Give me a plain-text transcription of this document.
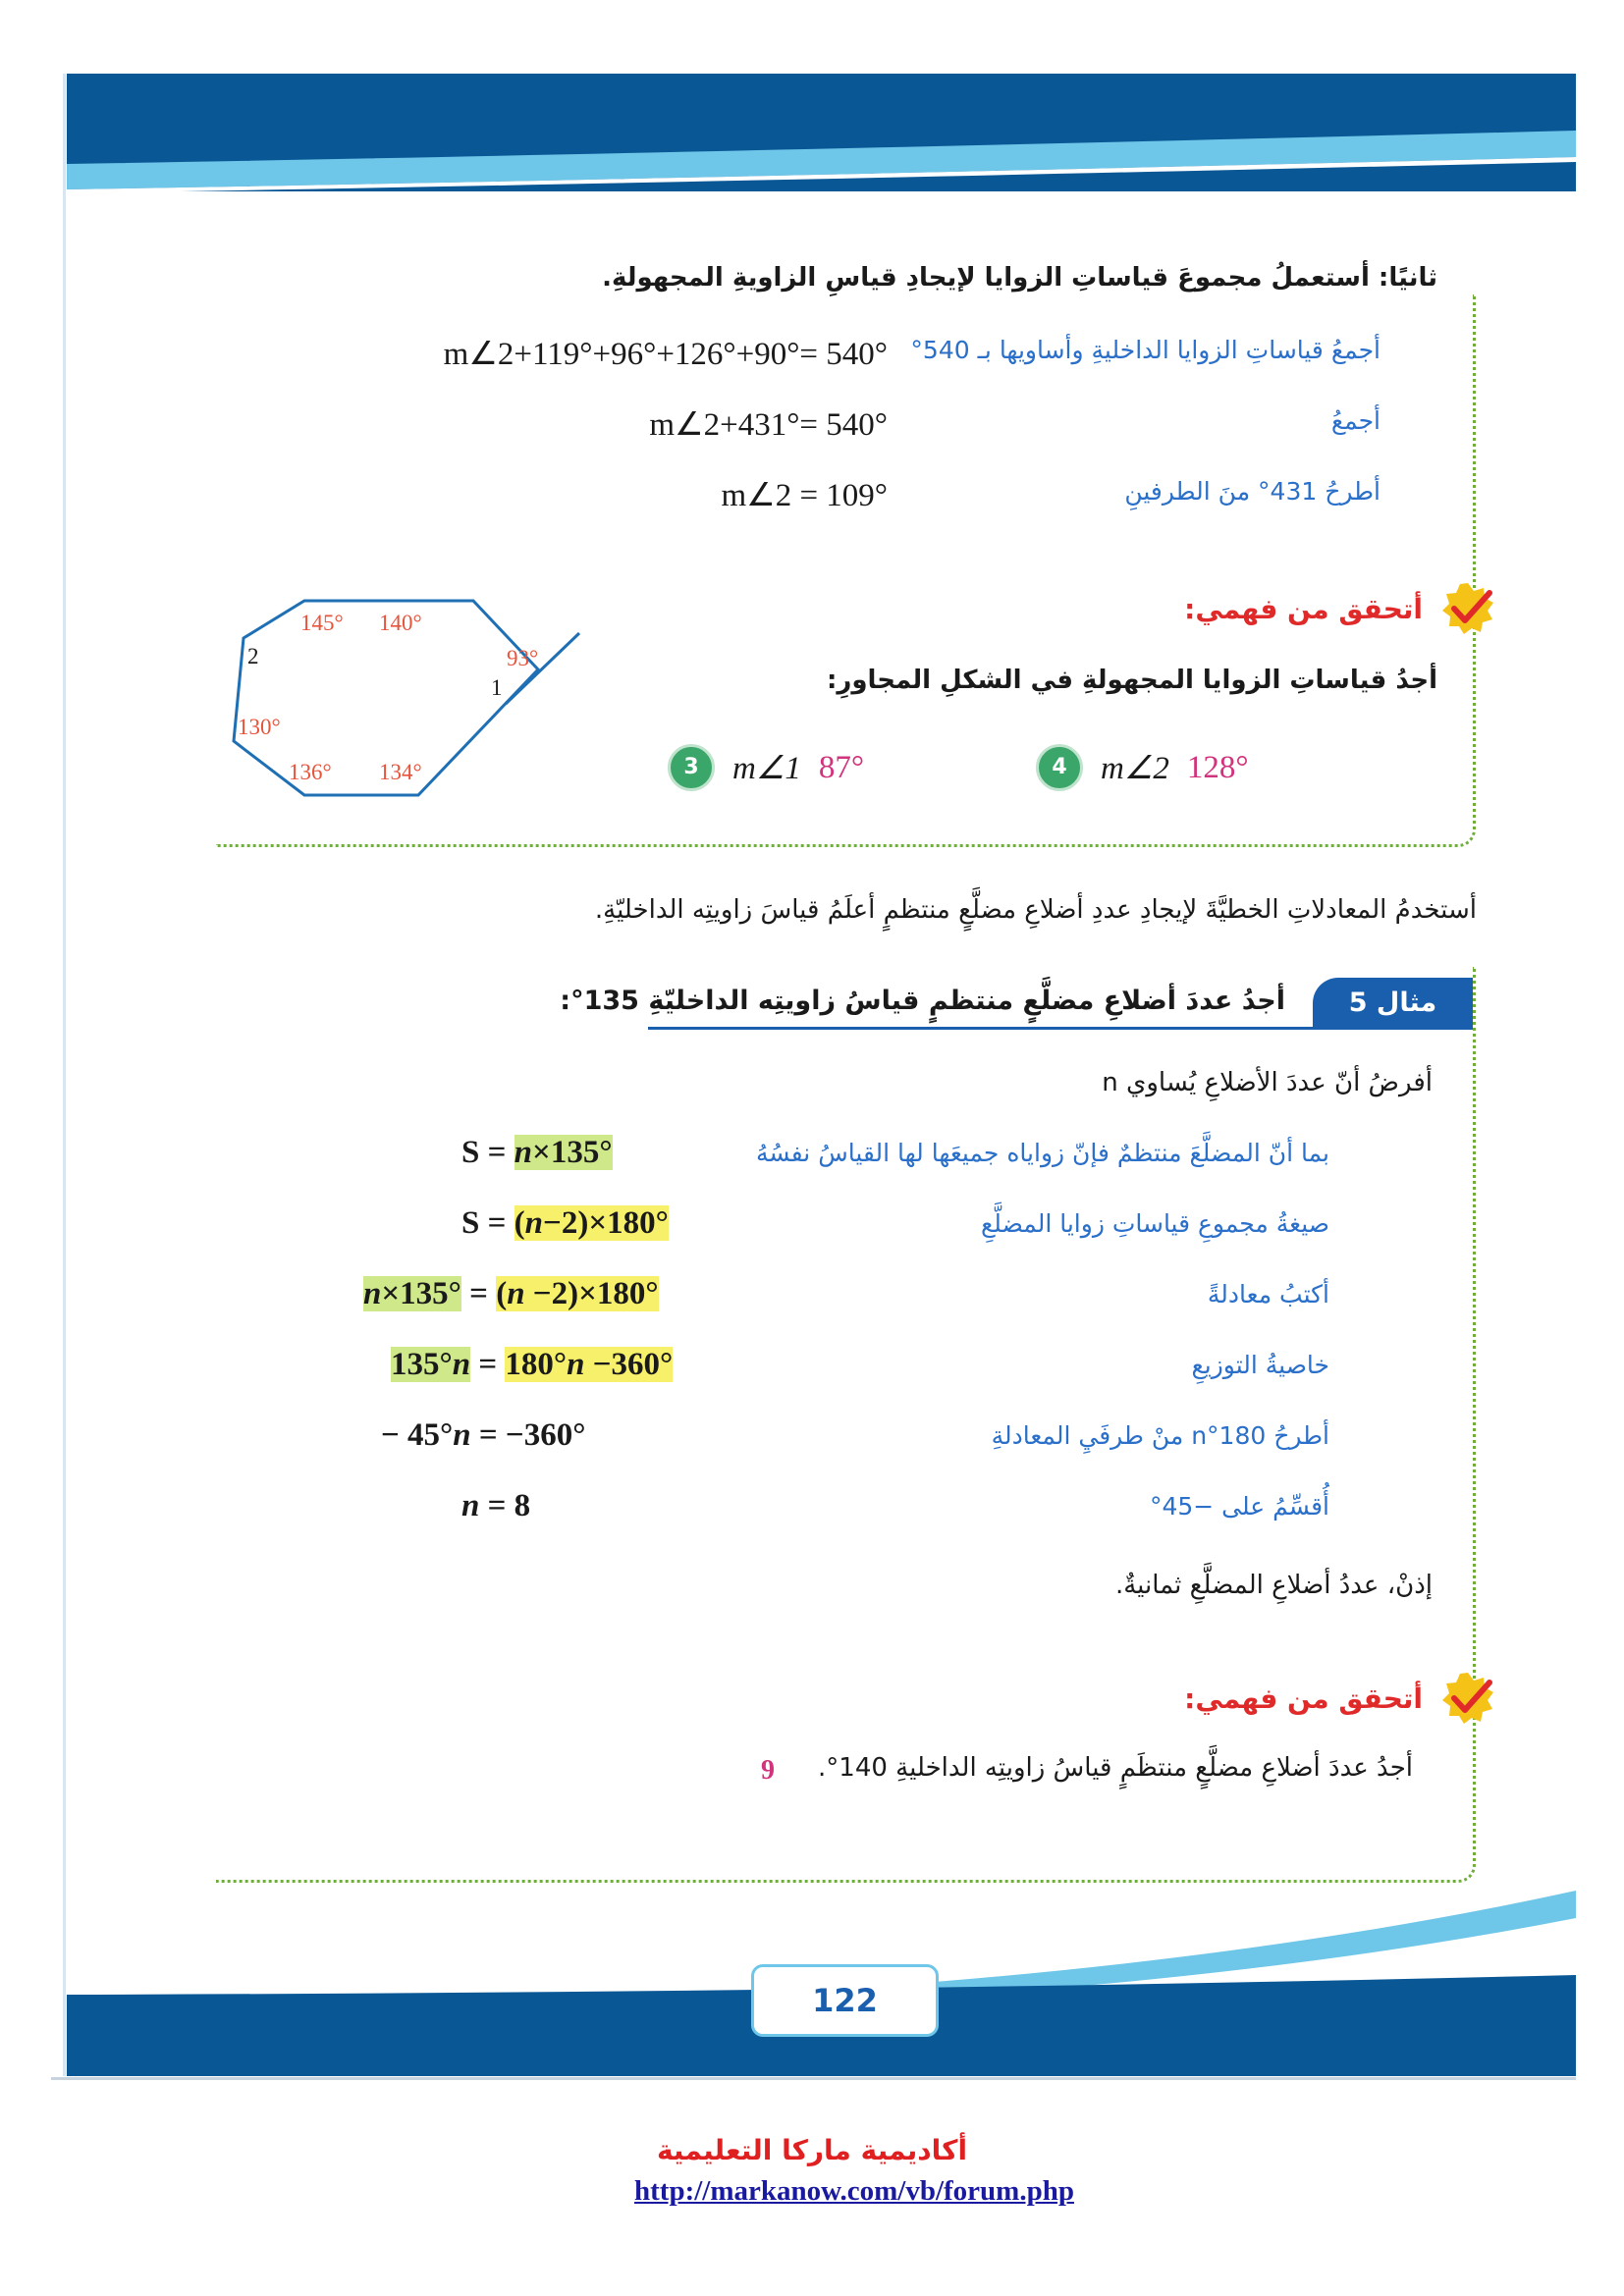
ثانيًا: أستعملُ مجموعَ قياساتِ الزوايا لإيجادِ قياسِ الزاويةِ المجهولةِ.
m∠2+119°+96°+126°+90°= 540° أجمعُ قياساتِ الزوايا الداخليةِ وأساويها بـ 540°
m∠2+431°= 540°	أجمعُ
m∠2 = 109°	أطرحُ 431° منَ الطرفينِ
أتحقق من فهمي:
أجدُ قياساتِ الزوايا المجهولةِ في الشكلِ المجاورِ:
3	m∠1 87°	4	m∠2 128°
145° 140°
93°
130°
136° 134°
1
2
أستخدمُ المعادلاتِ الخطيَّةَ لإيجادِ عددِ أضلاعِ مضلَّعٍ منتظمٍ أعلَمُ قياسَ زاويتِه الداخليّةِ.
مثال 5
أجدُ عددَ أضلاعِ مضلَّعٍ منتظمٍ قياسُ زاويتِه الداخليّةِ 135°:
أفرضُ أنّ عددَ الأضلاعِ يُساوي n
S = n×135°	بما أنّ المضلَّعَ منتظمٌ فإنّ زواياه جميعَها لها القياسُ نفسُهُ
S = (n−2)×180°	صيغةُ مجموعِ قياساتِ زوايا المضلَّعِ
n×135° = (n −2)×180°	أكتبُ معادلةً
135°n = 180°n −360°	خاصيةُ التوزيعِ
− 45°n = −360°	أطرحُ 180°n منْ طرفَيِ المعادلةِ
n = 8	أُقسِّمُ على −45°
إذنْ، عددُ أضلاعِ المضلَّعِ ثمانيةٌ.
أتحقق من فهمي:
أجدُ عددَ أضلاعِ مضلَّعٍ منتظَمٍ قياسُ زاويتِه الداخليةِ 140°.
9
122
أكاديمية ماركا التعليمية
http://markanow.com/vb/forum.php
